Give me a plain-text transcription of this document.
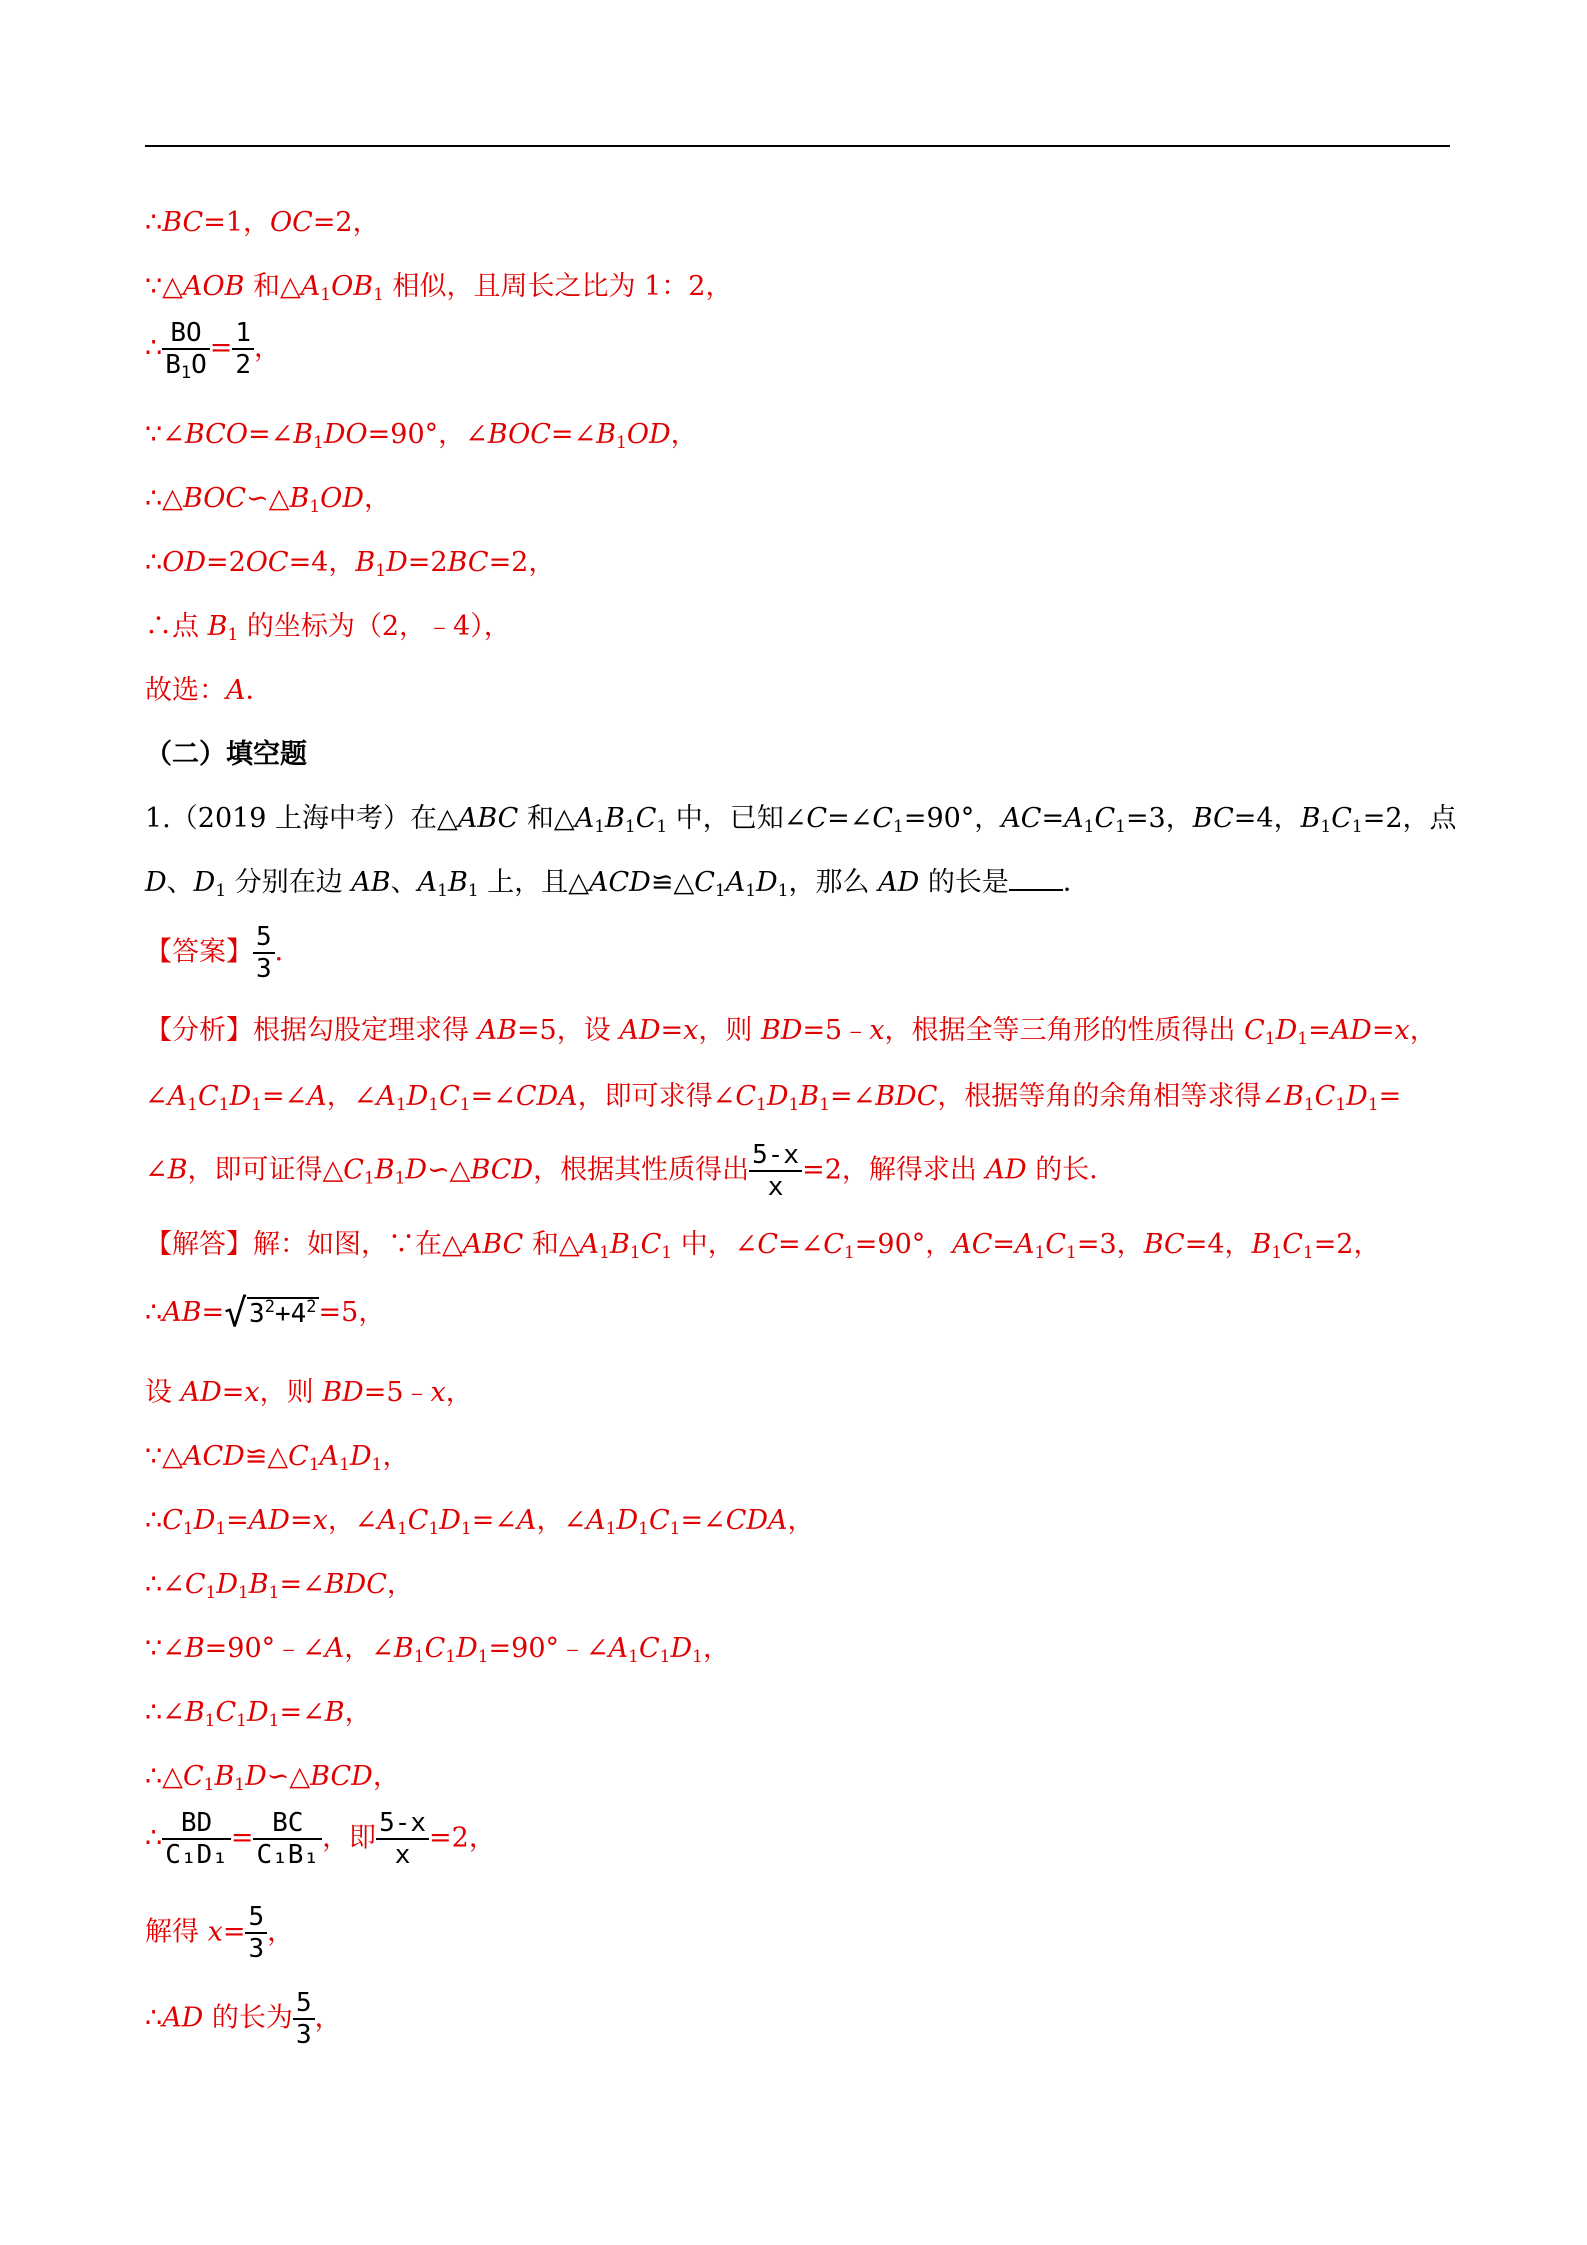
∴BC=1，OC=2，
∵△AOB 和$\triangle A_1OB_1$ 相似，且周长之比为 1：2，
∴ $\frac{BO}{B_1O} = \frac{1}{2}$ ，
$\because\angle BCO=\angle B_1DO=90^\circ$，$\angle BOC=\angle B_1OD$，
$\therefore\triangle BOC∽\triangle B_1OD$，
∴OD=2OC=4，$B_1D=2BC=2$，
∴点 $B_1$ 的坐标为（2，﹣4），
故选：A．
（二）填空题
1.（2019 上海中考）在△ABC 和$\triangle A_1B_1C_1$ 中，已知$\angle C=\angle C_1=90^\circ$，$AC=A_1C_1=3$，BC=4，$B_1C_1=2$，点
D、$D_1$ 分别在边 AB、$A_1B_1$ 上，且$\triangle ACD≌\triangle C_1A_1D_1$，那么 AD 的长是 ．
【答案】 $\frac{5}{3}$ ．
【分析】根据勾股定理求得 AB=5，设 AD=x，则 BD=5﹣x，根据全等三角形的性质得出 $C_1D_1=AD=x$，
$\angle A_1C_1D_1=\angle A$，$\angle A_1D_1C_1=\angle CDA$，即可求得$\angle C_1D_1B_1=\angle BDC$，根据等角的余角相等求得$\angle B_1C_1D_1=$
∠B，即可证得$\triangle C_1B_1D∽\triangle BCD$，根据其性质得出 $\frac{5-x}{x} =2$，解得求出 AD 的长．
【解答】解：如图，∵在△ABC 和$\triangle A_1B_1C_1$ 中，$\angle C=\angle C_1=90^\circ$，$AC=A_1C_1=3$，BC=4，$B_1C_1=2$，
$\therefore AB=√3^2+4^2=5$，
设 AD=x，则 BD=5﹣x，
$\because\triangle ACD≌\triangle C_1A_1D_1$，
$\therefore C_1D_1=AD=x$，$\angle A_1C_1D_1=\angle A$，$\angle A_1D_1C_1=\angle CDA$，
$\therefore\angle C_1D_1B_1=\angle BDC$，
∵∠B=90°﹣∠A，$\angle B_1C_1D_1=90^\circ﹣\angle A_1C_1D_1$，
$\therefore\angle B_1C_1D_1=\angle B$，
$\therefore\triangle C_1B_1D∽\triangle BCD$，
∴ $\frac{BD}{\text{C₁D₁}} = \frac{BC}{\text{C₁B₁}}$ ，即 $\frac{5-x}{x} =2$，
解得 $x= \frac{5}{3}$ ，
∴AD 的长为 $\frac{5}{3}$ ，
